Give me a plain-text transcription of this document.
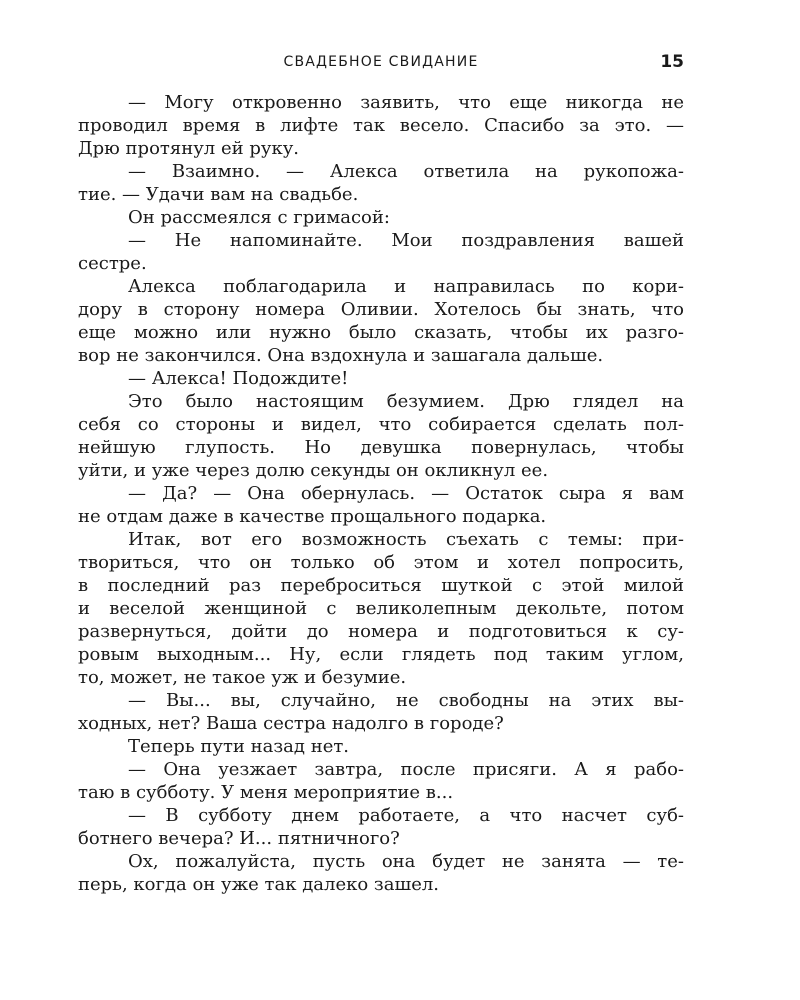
СВАДЕБНОЕ СВИДАНИЕ	15
— Могу откровенно заявить, что еще никогда не
проводил время в лифте так весело. Спасибо за это. —
Дрю протянул ей руку.
— Взаимно. — Алекса ответила на рукопожа-
тие. — Удачи вам на свадьбе.
Он рассмеялся с гримасой:
— Не напоминайте. Мои поздравления вашей
сестре.
Алекса поблагодарила и направилась по кори-
дору в сторону номера Оливии. Хотелось бы знать, что
еще можно или нужно было сказать, чтобы их разго-
вор не закончился. Она вздохнула и зашагала дальше.
— Алекса! Подождите!
Это было настоящим безумием. Дрю глядел на
себя со стороны и видел, что собирается сделать пол-
нейшую глупость. Но девушка повернулась, чтобы
уйти, и уже через долю секунды он окликнул ее.
— Да? — Она обернулась. — Остаток сыра я вам
не отдам даже в качестве прощального подарка.
Итак, вот его возможность съехать с темы: при-
твориться, что он только об этом и хотел попросить,
в последний раз переброситься шуткой с этой милой
и веселой женщиной с великолепным декольте, потом
развернуться, дойти до номера и подготовиться к су-
ровым выходным... Ну, если глядеть под таким углом,
то, может, не такое уж и безумие.
— Вы... вы, случайно, не свободны на этих вы-
ходных, нет? Ваша сестра надолго в городе?
Теперь пути назад нет.
— Она уезжает завтра, после присяги. А я рабо-
таю в субботу. У меня мероприятие в...
— В субботу днем работаете, а что насчет суб-
ботнего вечера? И... пятничного?
Ох, пожалуйста, пусть она будет не занята — те-
перь, когда он уже так далеко зашел.
